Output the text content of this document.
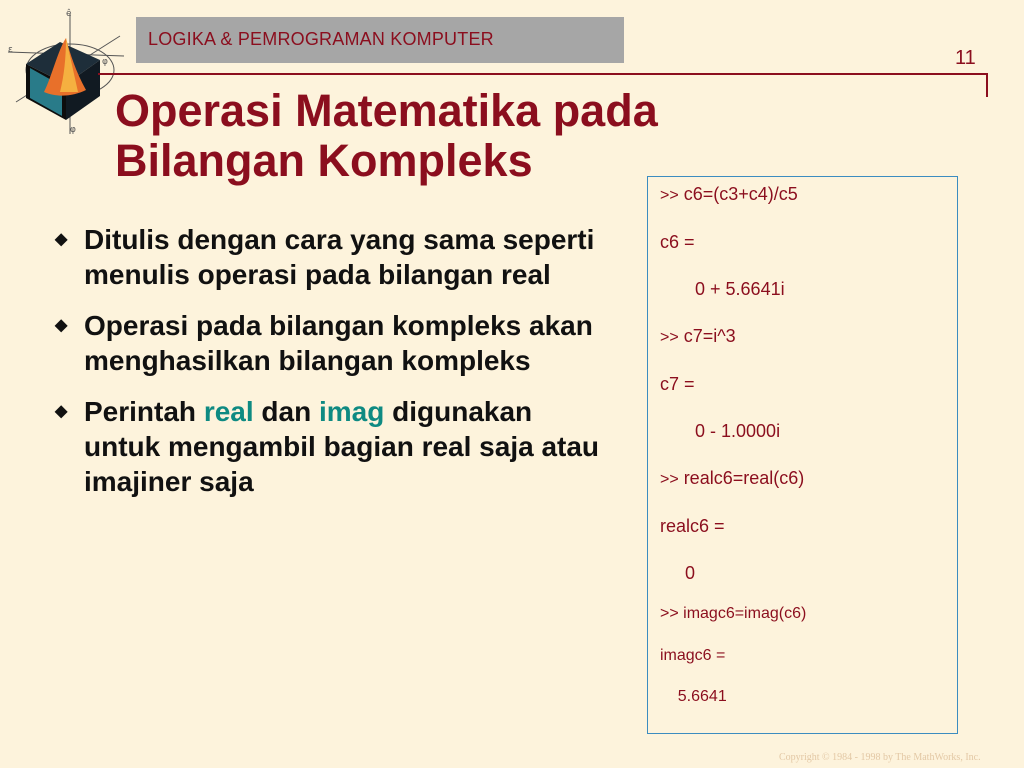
ê
φ
φ
ε
LOGIKA & PEMROGRAMAN KOMPUTER
11
Operasi Matematika pada
Bilangan Kompleks
◆ Ditulis dengan cara yang sama seperti menulis operasi pada bilangan real
◆ Operasi pada bilangan kompleks akan menghasilkan bilangan kompleks
◆ Perintah real dan imag digunakan untuk mengambil bagian real saja atau imajiner saja
>> c6=(c3+c4)/c5
c6 =
0 + 5.6641i
>> c7=i^3
c7 =
0 - 1.0000i
>> realc6=real(c6)
realc6 =
0
>> imagc6=imag(c6)
imagc6 =
5.6641
Copyright © 1984 - 1998 by The MathWorks, Inc.
